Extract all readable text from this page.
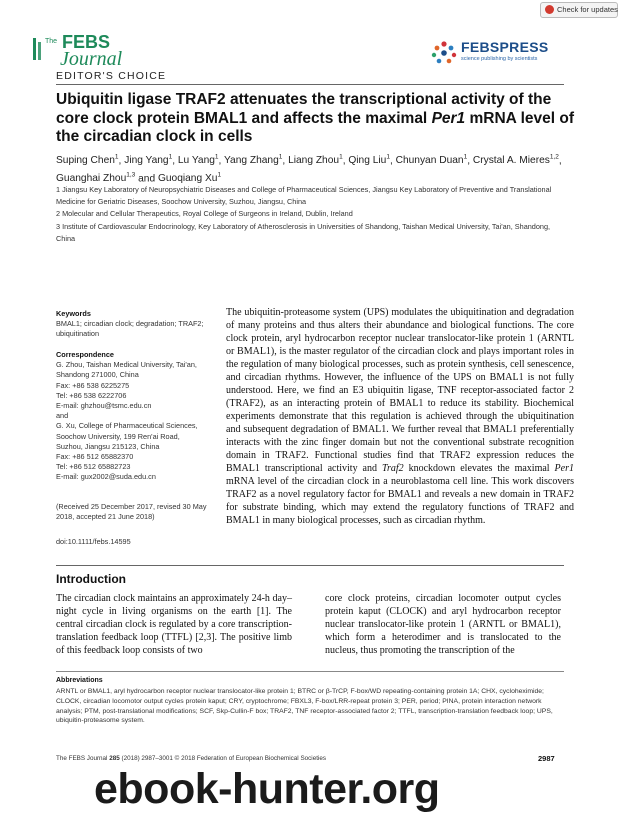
Check for updates
The FEBS
Journal
FEBSPRESS
science publishing by scientists
EDITOR'S CHOICE
Ubiquitin ligase TRAF2 attenuates the transcriptional activity of the core clock protein BMAL1 and affects the maximal Per1 mRNA level of the circadian clock in cells
Suping Chen$^1$, Jing Yang$^1$, Lu Yang$^1$, Yang Zhang$^1$, Liang Zhou$^1$, Qing Liu$^1$, Chunyan Duan$^1$, Crystal A. Mieres$^{1,2}$, Guanghai Zhou$^{1,3}$ and Guoqiang Xu$^1$
1 Jiangsu Key Laboratory of Neuropsychiatric Diseases and College of Pharmaceutical Sciences, Jiangsu Key Laboratory of Preventive and Translational Medicine for Geriatric Diseases, Soochow University, Suzhou, Jiangsu, China
2 Molecular and Cellular Therapeutics, Royal College of Surgeons in Ireland, Dublin, Ireland
3 Institute of Cardiovascular Endocrinology, Key Laboratory of Atherosclerosis in Universities of Shandong, Taishan Medical University, Tai'an, Shandong, China
Keywords
BMAL1; circadian clock; degradation; TRAF2; ubiquitination
Correspondence
G. Zhou, Taishan Medical University, Tai'an,
Shandong 271000, China
Fax: +86 538 6225275
Tel: +86 538 6222706
E-mail: ghzhou@tsmc.edu.cn
and
G. Xu, College of Pharmaceutical Sciences,
Soochow University, 199 Ren'ai Road,
Suzhou, Jiangsu 215123, China
Fax: +86 512 65882370
Tel: +86 512 65882723
E-mail: gux2002@suda.edu.cn
(Received 25 December 2017, revised 30 May 2018, accepted 21 June 2018)
doi:10.1111/febs.14595
The ubiquitin-proteasome system (UPS) modulates the ubiquitination and degradation of many proteins and thus alters their abundance and biological functions. The core clock protein, aryl hydrocarbon receptor nuclear translocator-like protein 1 (ARNTL or BMAL1), is the master regulator of the circadian clock and plays important roles in the regulation of many biological processes, such as protein synthesis, cell senescence, and circadian rhythms. However, the influence of the UPS on BMAL1 is not fully understood. Here, we find an E3 ubiquitin ligase, TNF receptor-associated factor 2 (TRAF2), as an interacting protein of BMAL1 to reduce its stability. Biochemical experiments demonstrate that this regulation is achieved through the ubiquitination and subsequent degradation of BMAL1. We further reveal that BMAL1 preferentially interacts with the zinc finger domain but not the conventional substrate recognition domain in TRAF2. Functional studies find that TRAF2 expression reduces the BMAL1 transcriptional activity and Traf2 knockdown elevates the maximal Per1 mRNA level of the circadian clock in a neuroblastoma cell line. This work discovers TRAF2 as a novel regulatory factor for BMAL1 and reveals a new domain in TRAF2 for substrate binding, which may extend the regulatory functions of TRAF2 and BMAL1 in many biological processes, such as circadian rhythm.
Introduction
The circadian clock maintains an approximately 24-h day–night cycle in living organisms on the earth [1]. The central circadian clock is regulated by a core transcription-translation feedback loop (TTFL) [2,3]. The positive limb of this feedback loop consists of two
core clock proteins, circadian locomoter output cycles protein kaput (CLOCK) and aryl hydrocarbon receptor nuclear translocator-like protein 1 (ARNTL or BMAL1), which form a heterodimer and is translocated to the nucleus, thus promoting the transcription of the
Abbreviations
ARNTL or BMAL1, aryl hydrocarbon receptor nuclear translocator-like protein 1; BTRC or β-TrCP, F-box/WD repeating-containing protein 1A; CHX, cycloheximide; CLOCK, circadian locomotor output cycles protein kaput; CRY, cryptochrome; FBXL3, F-box/LRR-repeat protein 3; PER, period; PINA, protein interaction network analysis; PTM, post-translational modifications; SCF, Skp-Cullin-F box; TRAF2, TNF receptor-associated factor 2; TTFL, transcription-translation feedback loop; UPS, ubiquitin-proteasome system.
The FEBS Journal 285 (2018) 2987–3001 © 2018 Federation of European Biochemical Societies	2987
ebook-hunter.org
